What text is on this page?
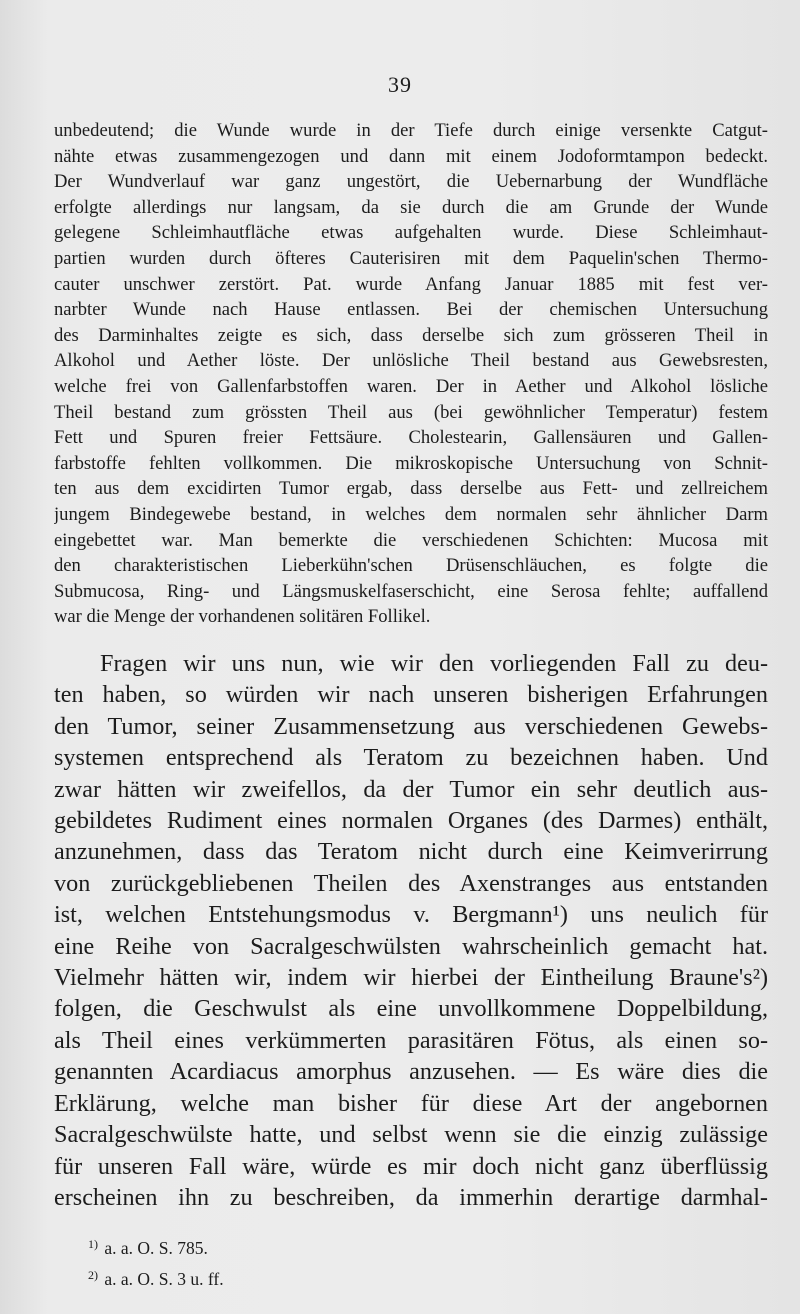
39
unbedeutend; die Wunde wurde in der Tiefe durch einige versenkte Catgut-
nähte etwas zusammengezogen und dann mit einem Jodoformtampon bedeckt.
Der Wundverlauf war ganz ungestört, die Uebernarbung der Wundfläche
erfolgte allerdings nur langsam, da sie durch die am Grunde der Wunde
gelegene Schleimhautfläche etwas aufgehalten wurde. Diese Schleimhaut-
partien wurden durch öfteres Cauterisiren mit dem Paquelin'schen Thermo-
cauter unschwer zerstört. Pat. wurde Anfang Januar 1885 mit fest ver-
narbter Wunde nach Hause entlassen. Bei der chemischen Untersuchung
des Darminhaltes zeigte es sich, dass derselbe sich zum grösseren Theil in
Alkohol und Aether löste. Der unlösliche Theil bestand aus Gewebsresten,
welche frei von Gallenfarbstoffen waren. Der in Aether und Alkohol lösliche
Theil bestand zum grössten Theil aus (bei gewöhnlicher Temperatur) festem
Fett und Spuren freier Fettsäure. Cholestearin, Gallensäuren und Gallen-
farbstoffe fehlten vollkommen. Die mikroskopische Untersuchung von Schnit-
ten aus dem excidirten Tumor ergab, dass derselbe aus Fett- und zellreichem
jungem Bindegewebe bestand, in welches dem normalen sehr ähnlicher Darm
eingebettet war. Man bemerkte die verschiedenen Schichten: Mucosa mit
den charakteristischen Lieberkühn'schen Drüsenschläuchen, es folgte die
Submucosa, Ring- und Längsmuskelfaserschicht, eine Serosa fehlte; auffallend
war die Menge der vorhandenen solitären Follikel.
Fragen wir uns nun, wie wir den vorliegenden Fall zu deu-
ten haben, so würden wir nach unseren bisherigen Erfahrungen
den Tumor, seiner Zusammensetzung aus verschiedenen Gewebs-
systemen entsprechend als Teratom zu bezeichnen haben. Und
zwar hätten wir zweifellos, da der Tumor ein sehr deutlich aus-
gebildetes Rudiment eines normalen Organes (des Darmes) enthält,
anzunehmen, dass das Teratom nicht durch eine Keimverirrung
von zurückgebliebenen Theilen des Axenstranges aus entstanden
ist, welchen Entstehungsmodus v. Bergmann¹) uns neulich für
eine Reihe von Sacralgeschwülsten wahrscheinlich gemacht hat.
Vielmehr hätten wir, indem wir hierbei der Eintheilung Braune's²)
folgen, die Geschwulst als eine unvollkommene Doppelbildung,
als Theil eines verkümmerten parasitären Fötus, als einen so-
genannten Acardiacus amorphus anzusehen. — Es wäre dies die
Erklärung, welche man bisher für diese Art der angebornen
Sacralgeschwülste hatte, und selbst wenn sie die einzig zulässige
für unseren Fall wäre, würde es mir doch nicht ganz überflüssig
erscheinen ihn zu beschreiben, da immerhin derartige darmhal-
$^{1)}$ a. a. O. S. 785.
$^{2)}$ a. a. O. S. 3 u. ff.
